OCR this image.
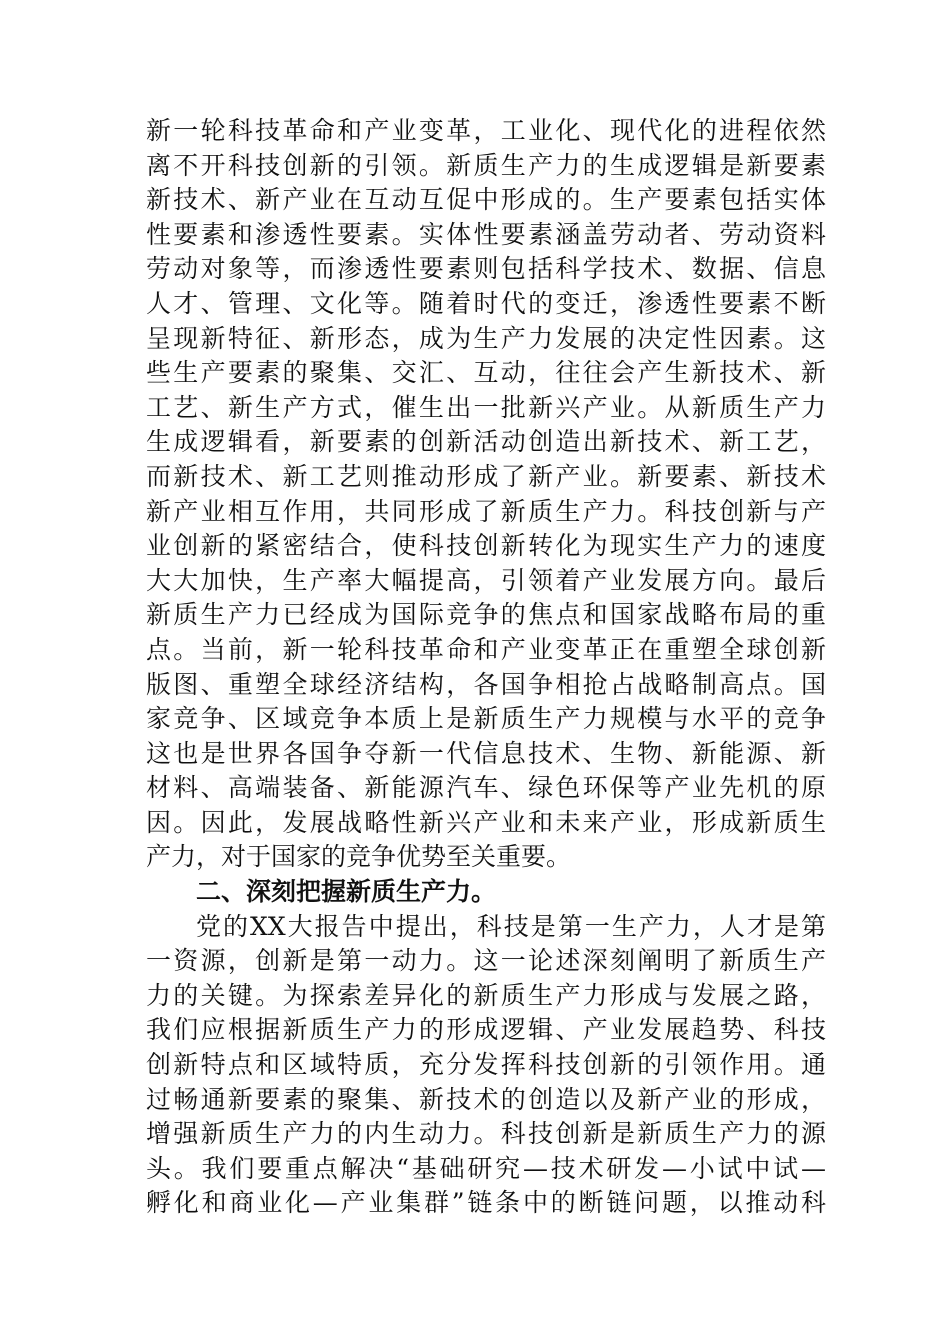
新一轮科技革命和产业变革，工业化、现代化的进程依然
离不开科技创新的引领。新质生产力的生成逻辑是新要素
新技术、新产业在互动互促中形成的。生产要素包括实体
性要素和渗透性要素。实体性要素涵盖劳动者、劳动资料
劳动对象等，而渗透性要素则包括科学技术、数据、信息
人才、管理、文化等。随着时代的变迁，渗透性要素不断
呈现新特征、新形态，成为生产力发展的决定性因素。这
些生产要素的聚集、交汇、互动，往往会产生新技术、新
工艺、新生产方式，催生出一批新兴产业。从新质生产力
生成逻辑看，新要素的创新活动创造出新技术、新工艺，
而新技术、新工艺则推动形成了新产业。新要素、新技术
新产业相互作用，共同形成了新质生产力。科技创新与产
业创新的紧密结合，使科技创新转化为现实生产力的速度
大大加快，生产率大幅提高，引领着产业发展方向。最后
新质生产力已经成为国际竞争的焦点和国家战略布局的重
点。当前，新一轮科技革命和产业变革正在重塑全球创新
版图、重塑全球经济结构，各国争相抢占战略制高点。国
家竞争、区域竞争本质上是新质生产力规模与水平的竞争
这也是世界各国争夺新一代信息技术、生物、新能源、新
材料、高端装备、新能源汽车、绿色环保等产业先机的原
因。因此，发展战略性新兴产业和未来产业，形成新质生
产力，对于国家的竞争优势至关重要。
二、深刻把握新质生产力。
党的XX大报告中提出，科技是第一生产力，人才是第
一资源，创新是第一动力。这一论述深刻阐明了新质生产
力的关键。为探索差异化的新质生产力形成与发展之路，
我们应根据新质生产力的形成逻辑、产业发展趋势、科技
创新特点和区域特质，充分发挥科技创新的引领作用。通
过畅通新要素的聚集、新技术的创造以及新产业的形成，
增强新质生产力的内生动力。科技创新是新质生产力的源
头。我们要重点解决“基础研究—技术研发—小试中试—
孵化和商业化—产业集群”链条中的断链问题，以推动科
